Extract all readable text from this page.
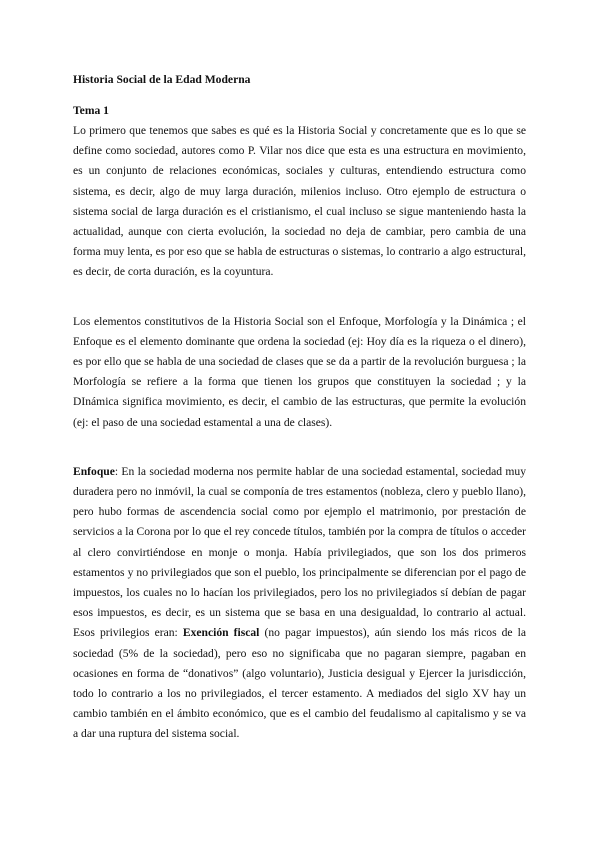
Historia Social de la Edad Moderna

Tema 1

Lo primero que tenemos que sabes es qué es la Historia Social y concretamente que es lo que se define como sociedad, autores como P. Vilar nos dice que esta es una estructura en movimiento, es un conjunto de relaciones económicas, sociales y culturas, entendiendo estructura como sistema, es decir, algo de muy larga duración, milenios incluso. Otro ejemplo de estructura o sistema social de larga duración es el cristianismo, el cual incluso se sigue manteniendo hasta la actualidad, aunque con cierta evolución, la sociedad no deja de cambiar, pero cambia de una forma muy lenta, es por eso que se habla de estructuras o sistemas, lo contrario a algo estructural, es decir, de corta duración, es la coyuntura.

Los elementos constitutivos de la Historia Social son el Enfoque, Morfología y la Dinámica ; el Enfoque es el elemento dominante que ordena la sociedad (ej: Hoy día es la riqueza o el dinero), es por ello que se habla de una sociedad de clases que se da a partir de la revolución burguesa ; la Morfología se refiere a la forma que tienen los grupos que constituyen la sociedad ; y la DInámica significa movimiento, es decir, el cambio de las estructuras, que permite la evolución (ej: el paso de una sociedad estamental a una de clases).

Enfoque: En la sociedad moderna nos permite hablar de una sociedad estamental, sociedad muy duradera pero no inmóvil, la cual se componía de tres estamentos (nobleza, clero y pueblo llano), pero hubo formas de ascendencia social como por ejemplo el matrimonio, por prestación de servicios a la Corona por lo que el rey concede títulos, también por la compra de títulos o acceder al clero convirtiéndose en monje o monja. Había privilegiados, que son los dos primeros estamentos y no privilegiados que son el pueblo, los principalmente se diferencian por el pago de impuestos, los cuales no lo hacían los privilegiados, pero los no privilegiados sí debían de pagar esos impuestos, es decir, es un sistema que se basa en una desigualdad, lo contrario al actual. Esos privilegios eran: Exención fiscal (no pagar impuestos), aún siendo los más ricos de la sociedad (5% de la sociedad), pero eso no significaba que no pagaran siempre, pagaban en ocasiones en forma de “donativos” (algo voluntario), Justicia desigual y Ejercer la jurisdicción, todo lo contrario a los no privilegiados, el tercer estamento. A mediados del siglo XV hay un cambio también en el ámbito económico, que es el cambio del feudalismo al capitalismo y se va a dar una ruptura del sistema social.
